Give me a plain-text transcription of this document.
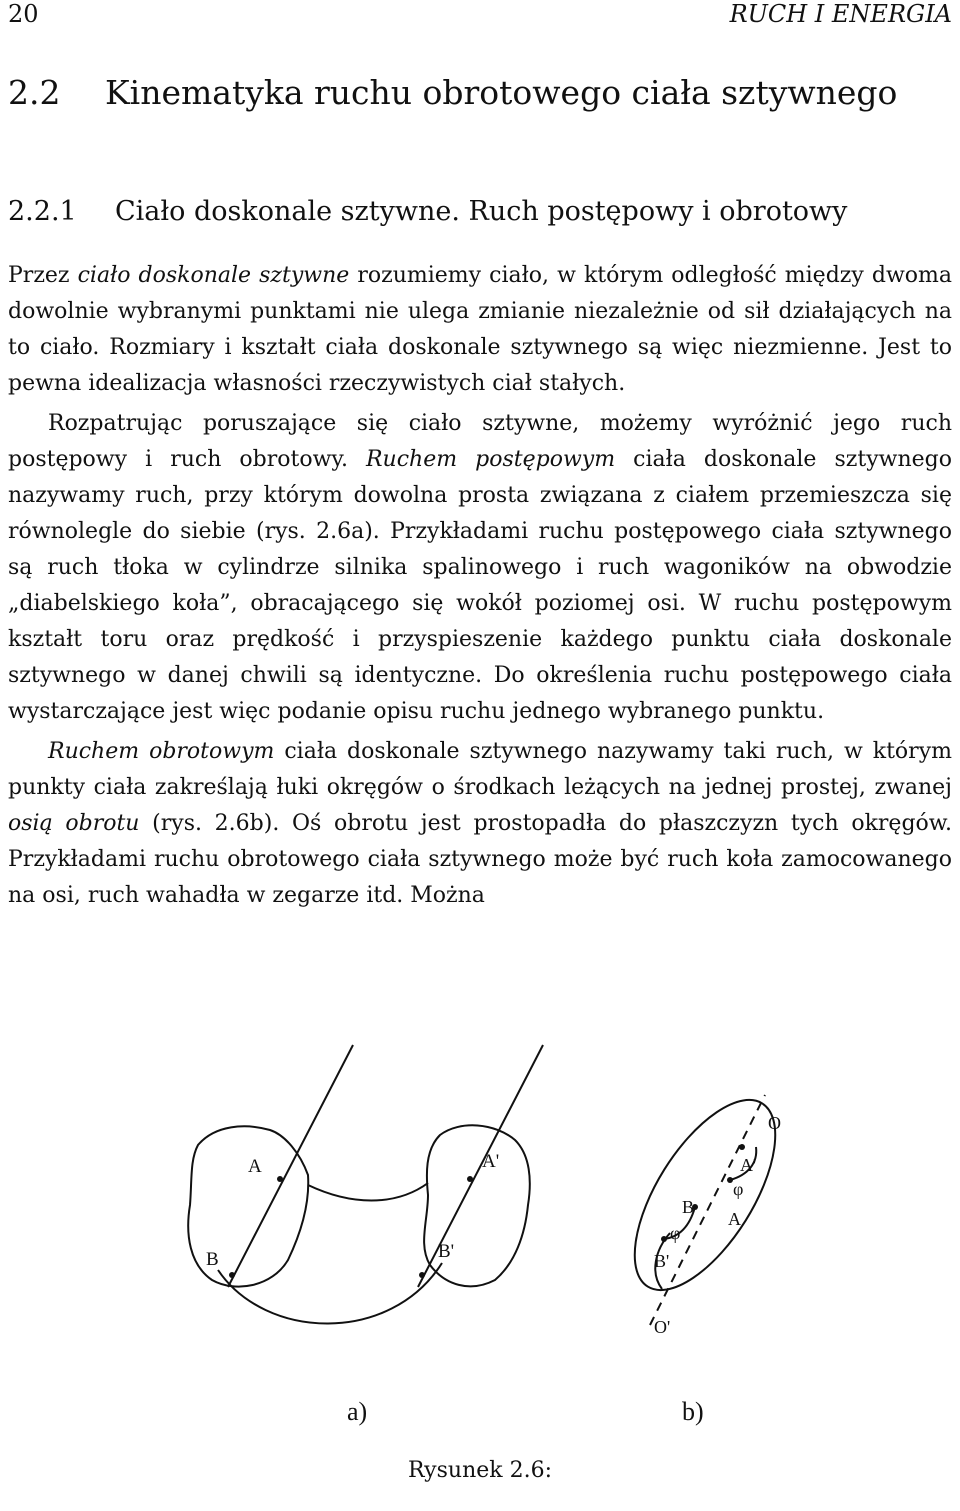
20	RUCH I ENERGIA
2.2 Kinematyka ruchu obrotowego ciała sztywnego
2.2.1 Ciało doskonale sztywne. Ruch postępowy i obrotowy

Przez ciało doskonale sztywne rozumiemy ciało, w którym odległość między dwoma dowolnie wybranymi punktami nie ulega zmianie niezależnie od sił działających na to ciało. Rozmiary i kształt ciała doskonale sztywnego są więc niezmienne. Jest to pewna idealizacja własności rzeczywistych ciał stałych.

Rozpatrując poruszające się ciało sztywne, możemy wyróżnić jego ruch postępowy i ruch obrotowy. Ruchem postępowym ciała doskonale sztywnego nazywamy ruch, przy którym dowolna prosta związana z ciałem przemieszcza się równolegle do siebie (rys. 2.6a). Przykładami ruchu postępowego ciała sztywnego są ruch tłoka w cylindrze silnika spalinowego i ruch wagoników na obwodzie „diabelskiego koła”, obracającego się wokół poziomej osi. W ruchu postępowym kształt toru oraz prędkość i przyspieszenie każdego punktu ciała doskonale sztywnego w danej chwili są identyczne. Do określenia ruchu postępowego ciała wystarczające jest więc podanie opisu ruchu jednego wybranego punktu.

Ruchem obrotowym ciała doskonale sztywnego nazywamy taki ruch, w którym punkty ciała zakreślają łuki okręgów o środkach leżących na jednej prostej, zwanej osią obrotu (rys. 2.6b). Oś obrotu jest prostopadła do płaszczyzn tych okręgów. Przykładami ruchu obrotowego ciała sztywnego może być ruch koła zamocowanego na osi, ruch wahadła w zegarze itd. Można

A
B
A'
B'
a)
O
O'
A'
A
B
B'
φ
φ
b)
Rysunek 2.6:
